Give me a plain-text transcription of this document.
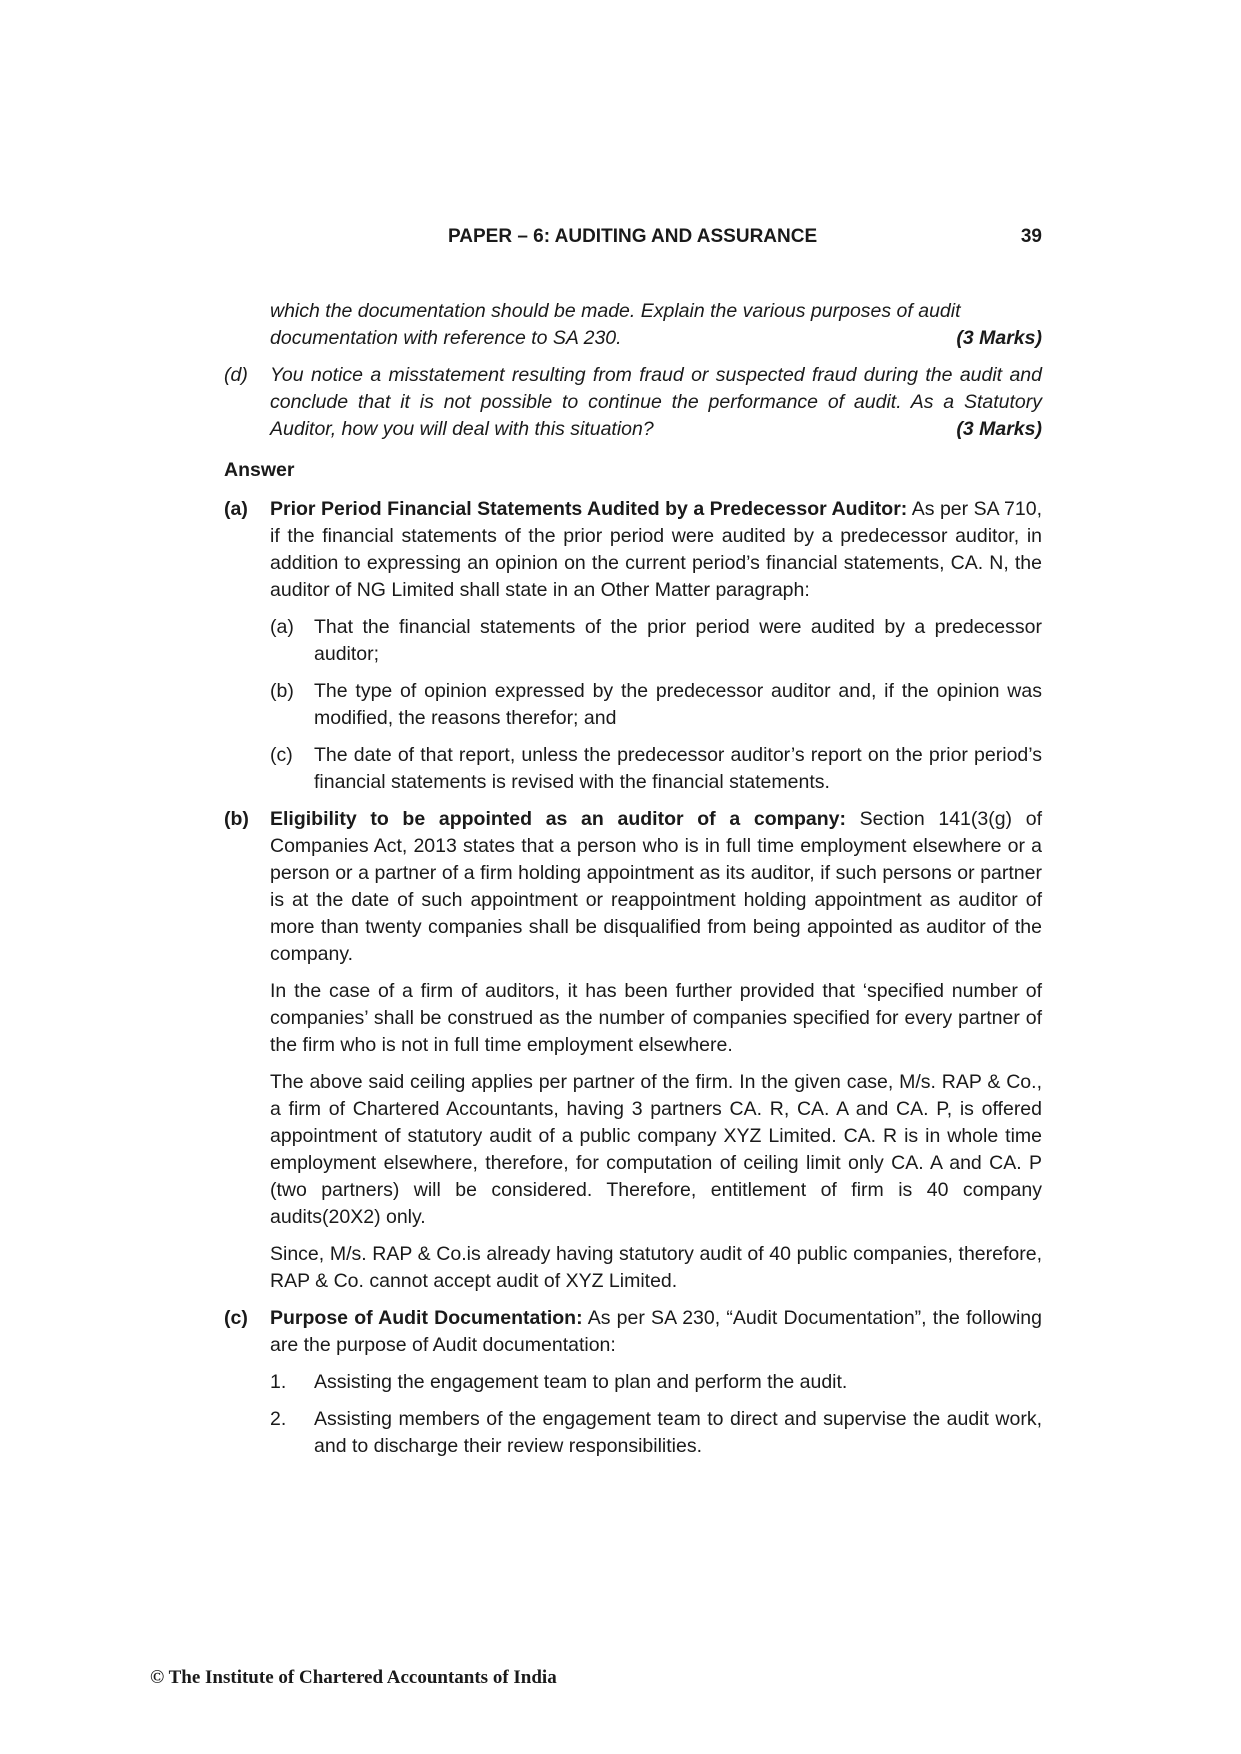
PAPER – 6: AUDITING AND ASSURANCE	39

which the documentation should be made. Explain the various purposes of audit

documentation with reference to SA 230.	(3 Marks)

(d)	You notice a misstatement resulting from fraud or suspected fraud during the audit and conclude that it is not possible to continue the performance of audit. As a Statutory Auditor, how you will deal with this situation?	(3 Marks)
Answer
(a)	Prior Period Financial Statements Audited by a Predecessor Auditor: As per SA 710, if the financial statements of the prior period were audited by a predecessor auditor, in addition to expressing an opinion on the current period’s financial statements, CA. N, the auditor of NG Limited shall state in an Other Matter paragraph:

(a)	That the financial statements of the prior period were audited by a predecessor auditor;
(b)	The type of opinion expressed by the predecessor auditor and, if the opinion was modified, the reasons therefor; and
(c)	The date of that report, unless the predecessor auditor’s report on the prior period’s financial statements is revised with the financial statements.
(b)	Eligibility to be appointed as an auditor of a company: Section 141(3(g) of Companies Act, 2013 states that a person who is in full time employment elsewhere or a person or a partner of a firm holding appointment as its auditor, if such persons or partner is at the date of such appointment or reappointment holding appointment as auditor of more than twenty companies shall be disqualified from being appointed as auditor of the company.

In the case of a firm of auditors, it has been further provided that ‘specified number of companies’ shall be construed as the number of companies specified for every partner of the firm who is not in full time employment elsewhere.

The above said ceiling applies per partner of the firm. In the given case, M/s. RAP & Co., a firm of Chartered Accountants, having 3 partners CA. R, CA. A and CA. P, is offered appointment of statutory audit of a public company XYZ Limited. CA. R is in whole time employment elsewhere, therefore, for computation of ceiling limit only CA. A and CA. P (two partners) will be considered. Therefore, entitlement of firm is 40 company audits(20X2) only.

Since, M/s. RAP & Co.is already having statutory audit of 40 public companies, therefore, RAP & Co. cannot accept audit of XYZ Limited.

(c)	Purpose of Audit Documentation: As per SA 230, “Audit Documentation”, the following are the purpose of Audit documentation:

1.	Assisting the engagement team to plan and perform the audit.
2.	Assisting members of the engagement team to direct and supervise the audit work, and to discharge their review responsibilities.
© The Institute of Chartered Accountants of India
